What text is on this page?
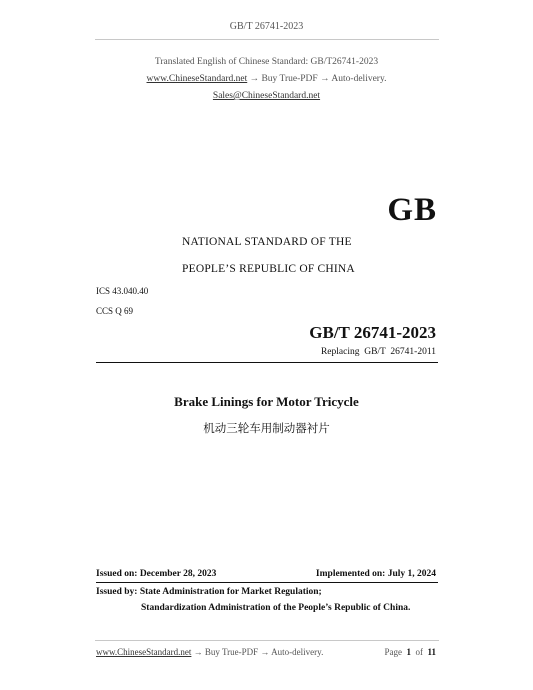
GB/T 26741-2023
Translated English of Chinese Standard: GB/T26741-2023
www.ChineseStandard.net → Buy True-PDF → Auto-delivery.
Sales@ChineseStandard.net
GB
NATIONAL STANDARD OF THE
PEOPLE’S REPUBLIC OF CHINA
ICS 43.040.40
CCS Q 69
GB/T 26741-2023
Replacing  GB/T  26741-2011
Brake Linings for Motor Tricycle
机动三轮车用制动器衬片
Issued on: December 28, 2023	Implemented on: July 1, 2024
Issued by: State Administration for Market Regulation;
Standardization Administration of the People’s Republic of China.
www.ChineseStandard.net → Buy True-PDF → Auto-delivery.	Page 1 of 11
